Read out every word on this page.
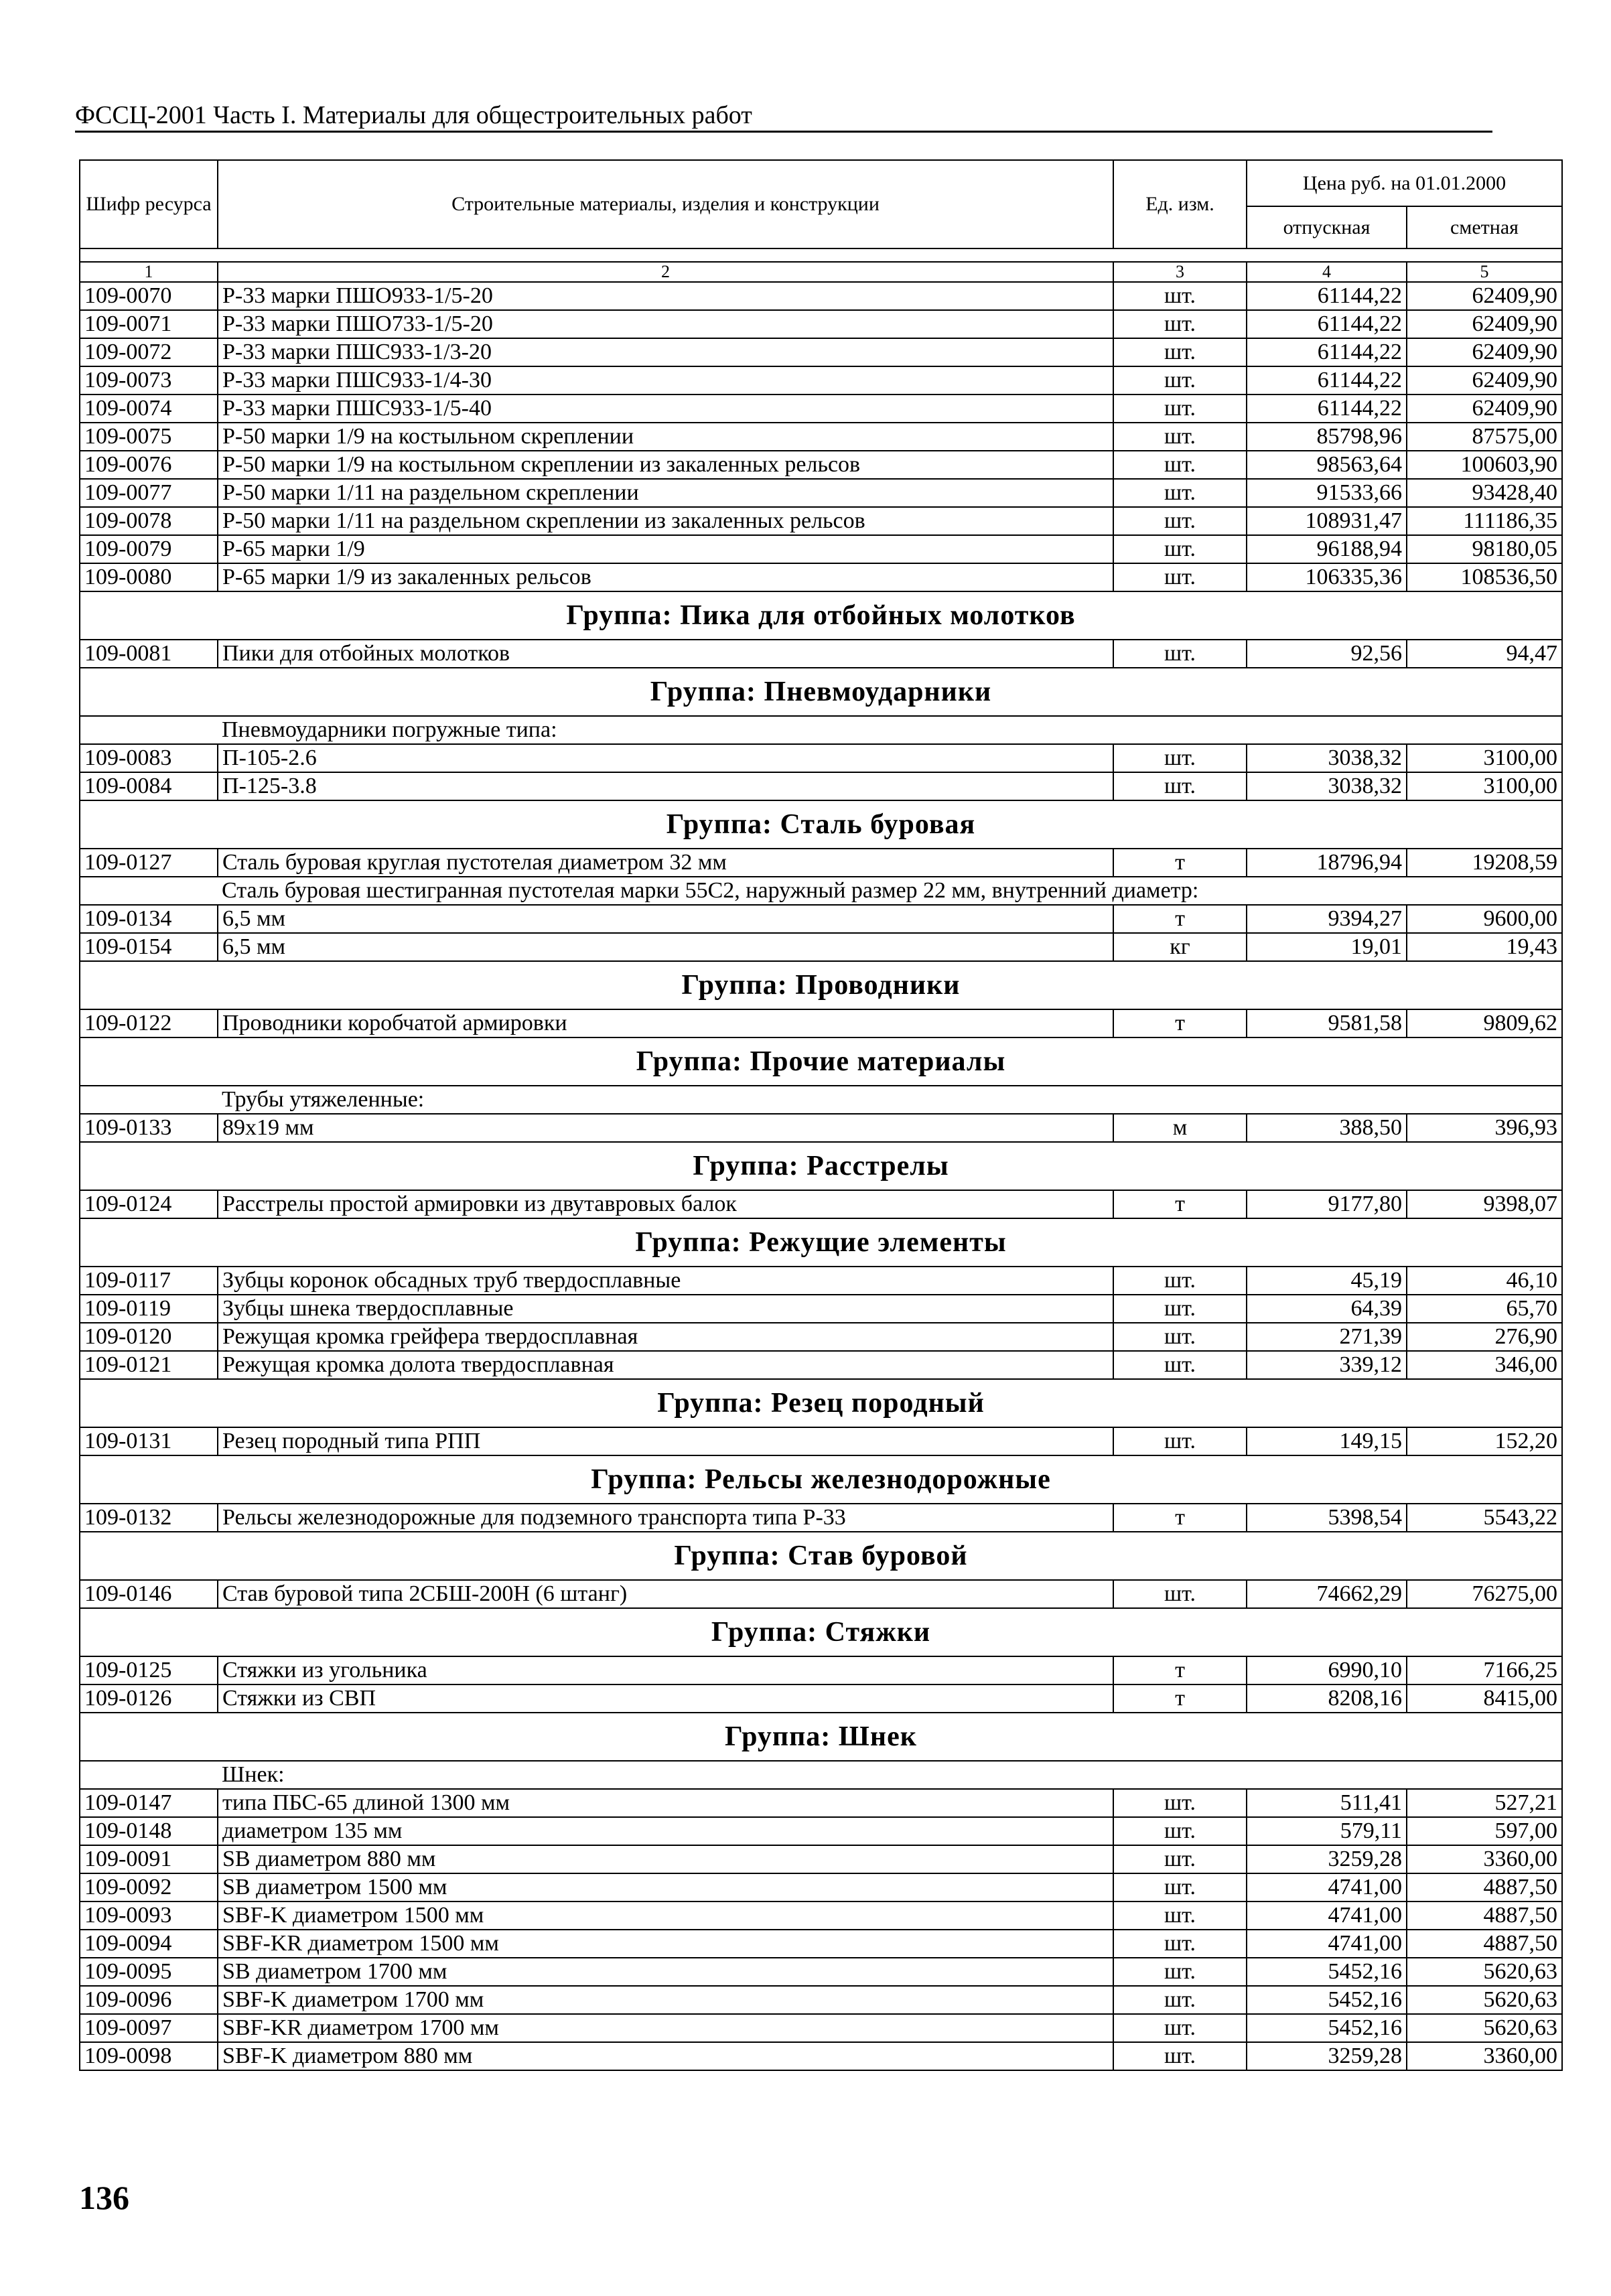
ФССЦ-2001 Часть I. Материалы для общестроительных работ
Шифр ресурса	Строительные материалы, изделия и конструкции	Ед. изм.	Цена руб. на 01.01.2000	
			отпускная	сметная

1	2	3	4	5
109-0070	Р-33 марки ПШО933-1/5-20	шт.	61144,22	62409,90
109-0071	Р-33 марки ПШО733-1/5-20	шт.	61144,22	62409,90
109-0072	Р-33 марки ПШС933-1/3-20	шт.	61144,22	62409,90
109-0073	Р-33 марки ПШС933-1/4-30	шт.	61144,22	62409,90
109-0074	Р-33 марки ПШС933-1/5-40	шт.	61144,22	62409,90
109-0075	Р-50 марки 1/9 на костыльном скреплении	шт.	85798,96	87575,00
109-0076	Р-50 марки 1/9 на костыльном скреплении из закаленных рельсов	шт.	98563,64	100603,90
109-0077	Р-50 марки 1/11 на раздельном скреплении	шт.	91533,66	93428,40
109-0078	Р-50 марки 1/11 на раздельном скреплении из закаленных рельсов	шт.	108931,47	111186,35
109-0079	Р-65 марки 1/9	шт.	96188,94	98180,05
109-0080	Р-65 марки 1/9 из закаленных рельсов	шт.	106335,36	108536,50
Группа: Пика для отбойных молотков				
109-0081	Пики для отбойных молотков	шт.	92,56	94,47
Группа: Пневмоударники				
	Пневмоударники погружные типа:			
109-0083	П-105-2.6	шт.	3038,32	3100,00
109-0084	П-125-3.8	шт.	3038,32	3100,00
Группа: Сталь буровая				
109-0127	Сталь буровая круглая пустотелая диаметром 32 мм	т	18796,94	19208,59
	Сталь буровая шестигранная пустотелая марки 55С2, наружный размер 22 мм, внутренний диаметр:			
109-0134	6,5 мм	т	9394,27	9600,00
109-0154	6,5 мм	кг	19,01	19,43
Группа: Проводники				
109-0122	Проводники коробчатой армировки	т	9581,58	9809,62
Группа: Прочие материалы				
	Трубы утяжеленные:			
109-0133	89х19 мм	м	388,50	396,93
Группа: Расстрелы				
109-0124	Расстрелы простой армировки из двутавровых балок	т	9177,80	9398,07
Группа: Режущие элементы				
109-0117	Зубцы коронок обсадных труб твердосплавные	шт.	45,19	46,10
109-0119	Зубцы шнека твердосплавные	шт.	64,39	65,70
109-0120	Режущая кромка грейфера твердосплавная	шт.	271,39	276,90
109-0121	Режущая кромка долота твердосплавная	шт.	339,12	346,00
Группа: Резец породный				
109-0131	Резец породный типа РПП	шт.	149,15	152,20
Группа: Рельсы железнодорожные				
109-0132	Рельсы железнодорожные для подземного транспорта типа Р-33	т	5398,54	5543,22
Группа: Став буровой				
109-0146	Став буровой типа 2СБШ-200Н (6 штанг)	шт.	74662,29	76275,00
Группа: Стяжки				
109-0125	Стяжки из угольника	т	6990,10	7166,25
109-0126	Стяжки из СВП	т	8208,16	8415,00
Группа: Шнек				
	Шнек:			
109-0147	типа ПБС-65 длиной 1300 мм	шт.	511,41	527,21
109-0148	диаметром 135 мм	шт.	579,11	597,00
109-0091	SB диаметром 880 мм	шт.	3259,28	3360,00
109-0092	SB диаметром 1500 мм	шт.	4741,00	4887,50
109-0093	SBF-K диаметром 1500 мм	шт.	4741,00	4887,50
109-0094	SBF-KR диаметром 1500 мм	шт.	4741,00	4887,50
109-0095	SB диаметром 1700 мм	шт.	5452,16	5620,63
109-0096	SBF-K диаметром 1700 мм	шт.	5452,16	5620,63
109-0097	SBF-KR диаметром 1700 мм	шт.	5452,16	5620,63
109-0098	SBF-K диаметром 880 мм	шт.	3259,28	3360,00
136
